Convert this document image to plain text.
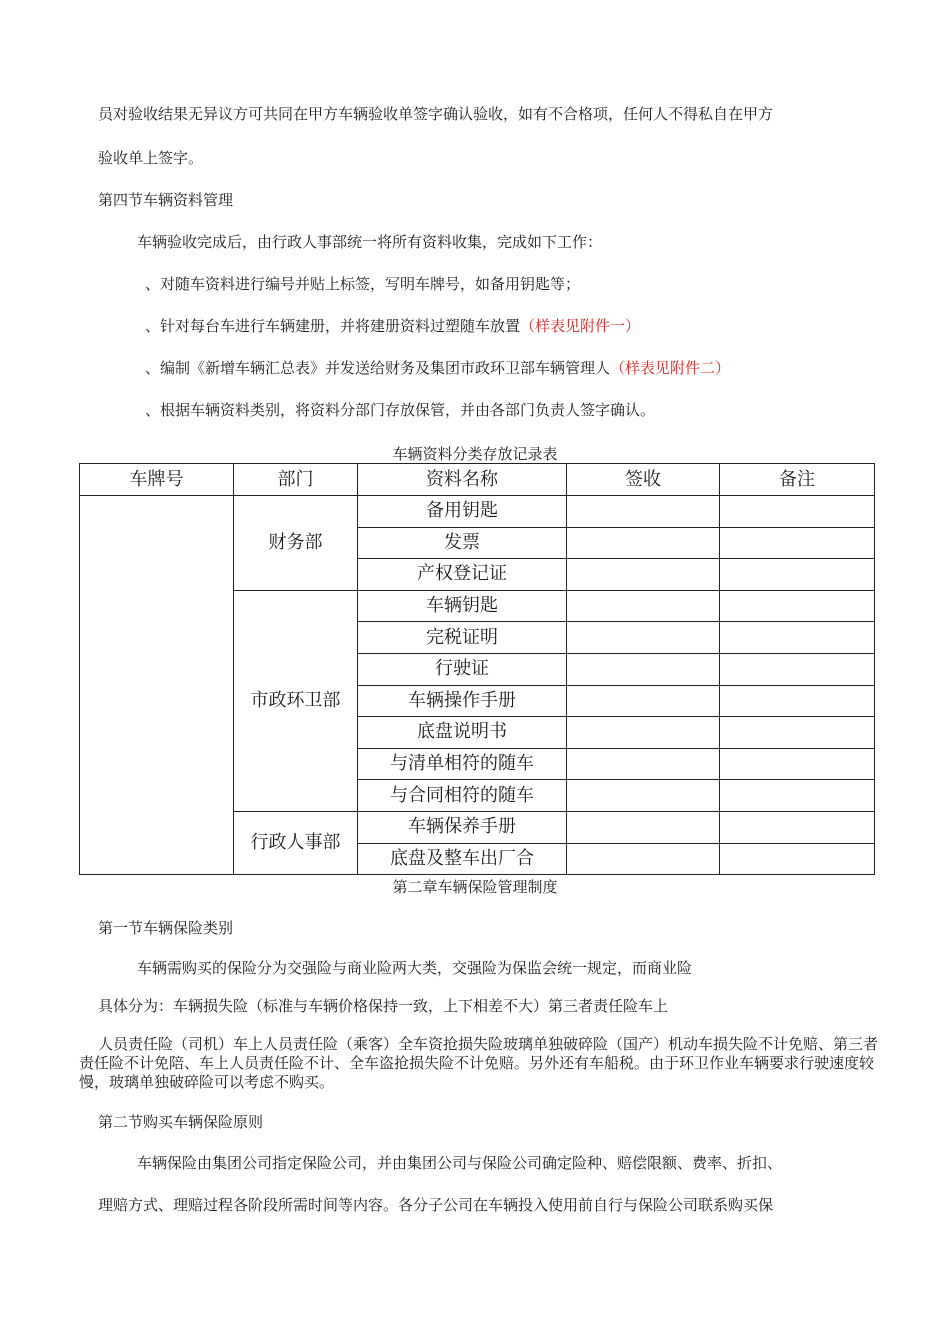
员对验收结果无异议方可共同在甲方车辆验收单签字确认验收，如有不合格项，任何人不得私自在甲方
验收单上签字。
第四节车辆资料管理
车辆验收完成后，由行政人事部统一将所有资料收集，完成如下工作：
、对随车资料进行编号并贴上标签，写明车牌号，如备用钥匙等；
、针对每台车进行车辆建册，并将建册资料过塑随车放置（样表见附件一）
、编制《新增车辆汇总表》并发送给财务及集团市政环卫部车辆管理人（样表见附件二）
、根据车辆资料类别，将资料分部门存放保管，并由各部门负责人签字确认。
车辆资料分类存放记录表
车牌号	部门	资料名称	签收	备注
	财务部	备用钥匙		
		发票		
		产权登记证		
	市政环卫部	车辆钥匙		
		完税证明		
		行驶证		
		车辆操作手册		
		底盘说明书		
		与清单相符的随车		
		与合同相符的随车		
	行政人事部	车辆保养手册		
		底盘及整车出厂合		
第二章车辆保险管理制度
第一节车辆保险类别
车辆需购买的保险分为交强险与商业险两大类，交强险为保监会统一规定，而商业险
具体分为：车辆损失险（标准与车辆价格保持一致，上下相差不大）第三者责任险车上
人员责任险（司机）车上人员责任险（乘客）全车资抢损失险玻璃单独破碎险（国产）机动车损失险不计免赔、第三者责任险不计免陪、车上人员责任险不计、全车盗抢损失险不计免赔。另外还有车船税。由于环卫作业车辆要求行驶速度较慢，玻璃单独破碎险可以考虑不购买。
第二节购买车辆保险原则
车辆保险由集团公司指定保险公司，并由集团公司与保险公司确定险种、赔偿限额、费率、折扣、
理赔方式、理赔过程各阶段所需时间等内容。各分子公司在车辆投入使用前自行与保险公司联系购买保
